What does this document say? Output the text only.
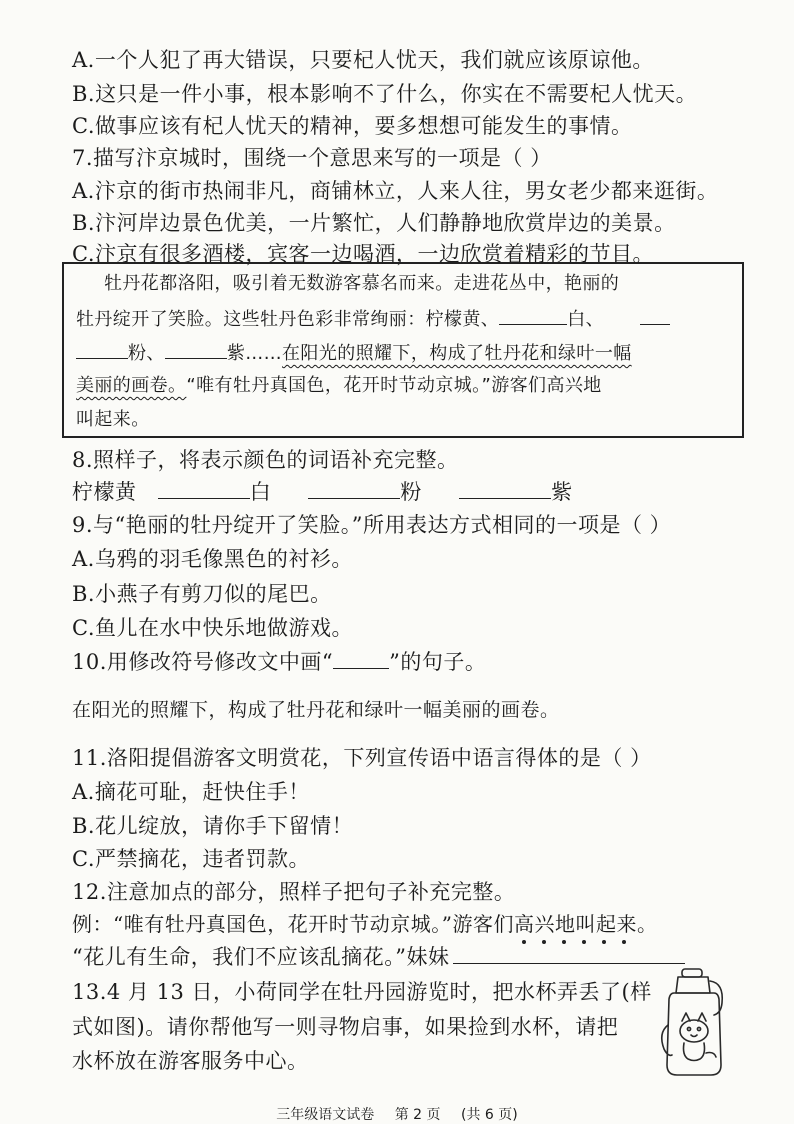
A.一个人犯了再大错误，只要杞人忧天，我们就应该原谅他。
B.这只是一件小事，根本影响不了什么，你实在不需要杞人忧天。
C.做事应该有杞人忧天的精神，要多想想可能发生的事情。
7.描写汴京城时，围绕一个意思来写的一项是（ ）
A.汴京的街市热闹非凡，商铺林立，人来人往，男女老少都来逛街。
B.汴河岸边景色优美，一片繁忙，人们静静地欣赏岸边的美景。
C.汴京有很多酒楼，宾客一边喝酒，一边欣赏着精彩的节目。
牡丹花都洛阳，吸引着无数游客慕名而来。走进花丛中，艳丽的
牡丹绽开了笑脸。这些牡丹色彩非常绚丽：柠檬黄、	白、
粉、	紫……在阳光的照耀下，构成了牡丹花和绿叶一幅
美丽的画卷。“唯有牡丹真国色，花开时节动京城。”游客们高兴地
叫起来。
8.照样子，将表示颜色的词语补充完整。
柠檬黄	白	粉	紫
9.与“艳丽的牡丹绽开了笑脸。”所用表达方式相同的一项是（ ）
A.乌鸦的羽毛像黑色的衬衫。
B.小燕子有剪刀似的尾巴。
C.鱼儿在水中快乐地做游戏。
10.用修改符号修改文中画“	”的句子。
在阳光的照耀下，构成了牡丹花和绿叶一幅美丽的画卷。
11.洛阳提倡游客文明赏花，下列宣传语中语言得体的是（ ）
A.摘花可耻，赶快住手！
B.花儿绽放，请你手下留情！
C.严禁摘花，违者罚款。
12.注意加点的部分，照样子把句子补充完整。
例：“唯有牡丹真国色，花开时节动京城。”游客们高兴地叫起来
。
“花儿有生命，我们不应该乱摘花。”妹妹
13.4 月 13 日，小荷同学在牡丹园游览时，把水杯弄丢了(样
式如图)。请你帮他写一则寻物启事，如果捡到水杯，请把
水杯放在游客服务中心。
三年级语文试卷 第 2 页 (共 6 页)
